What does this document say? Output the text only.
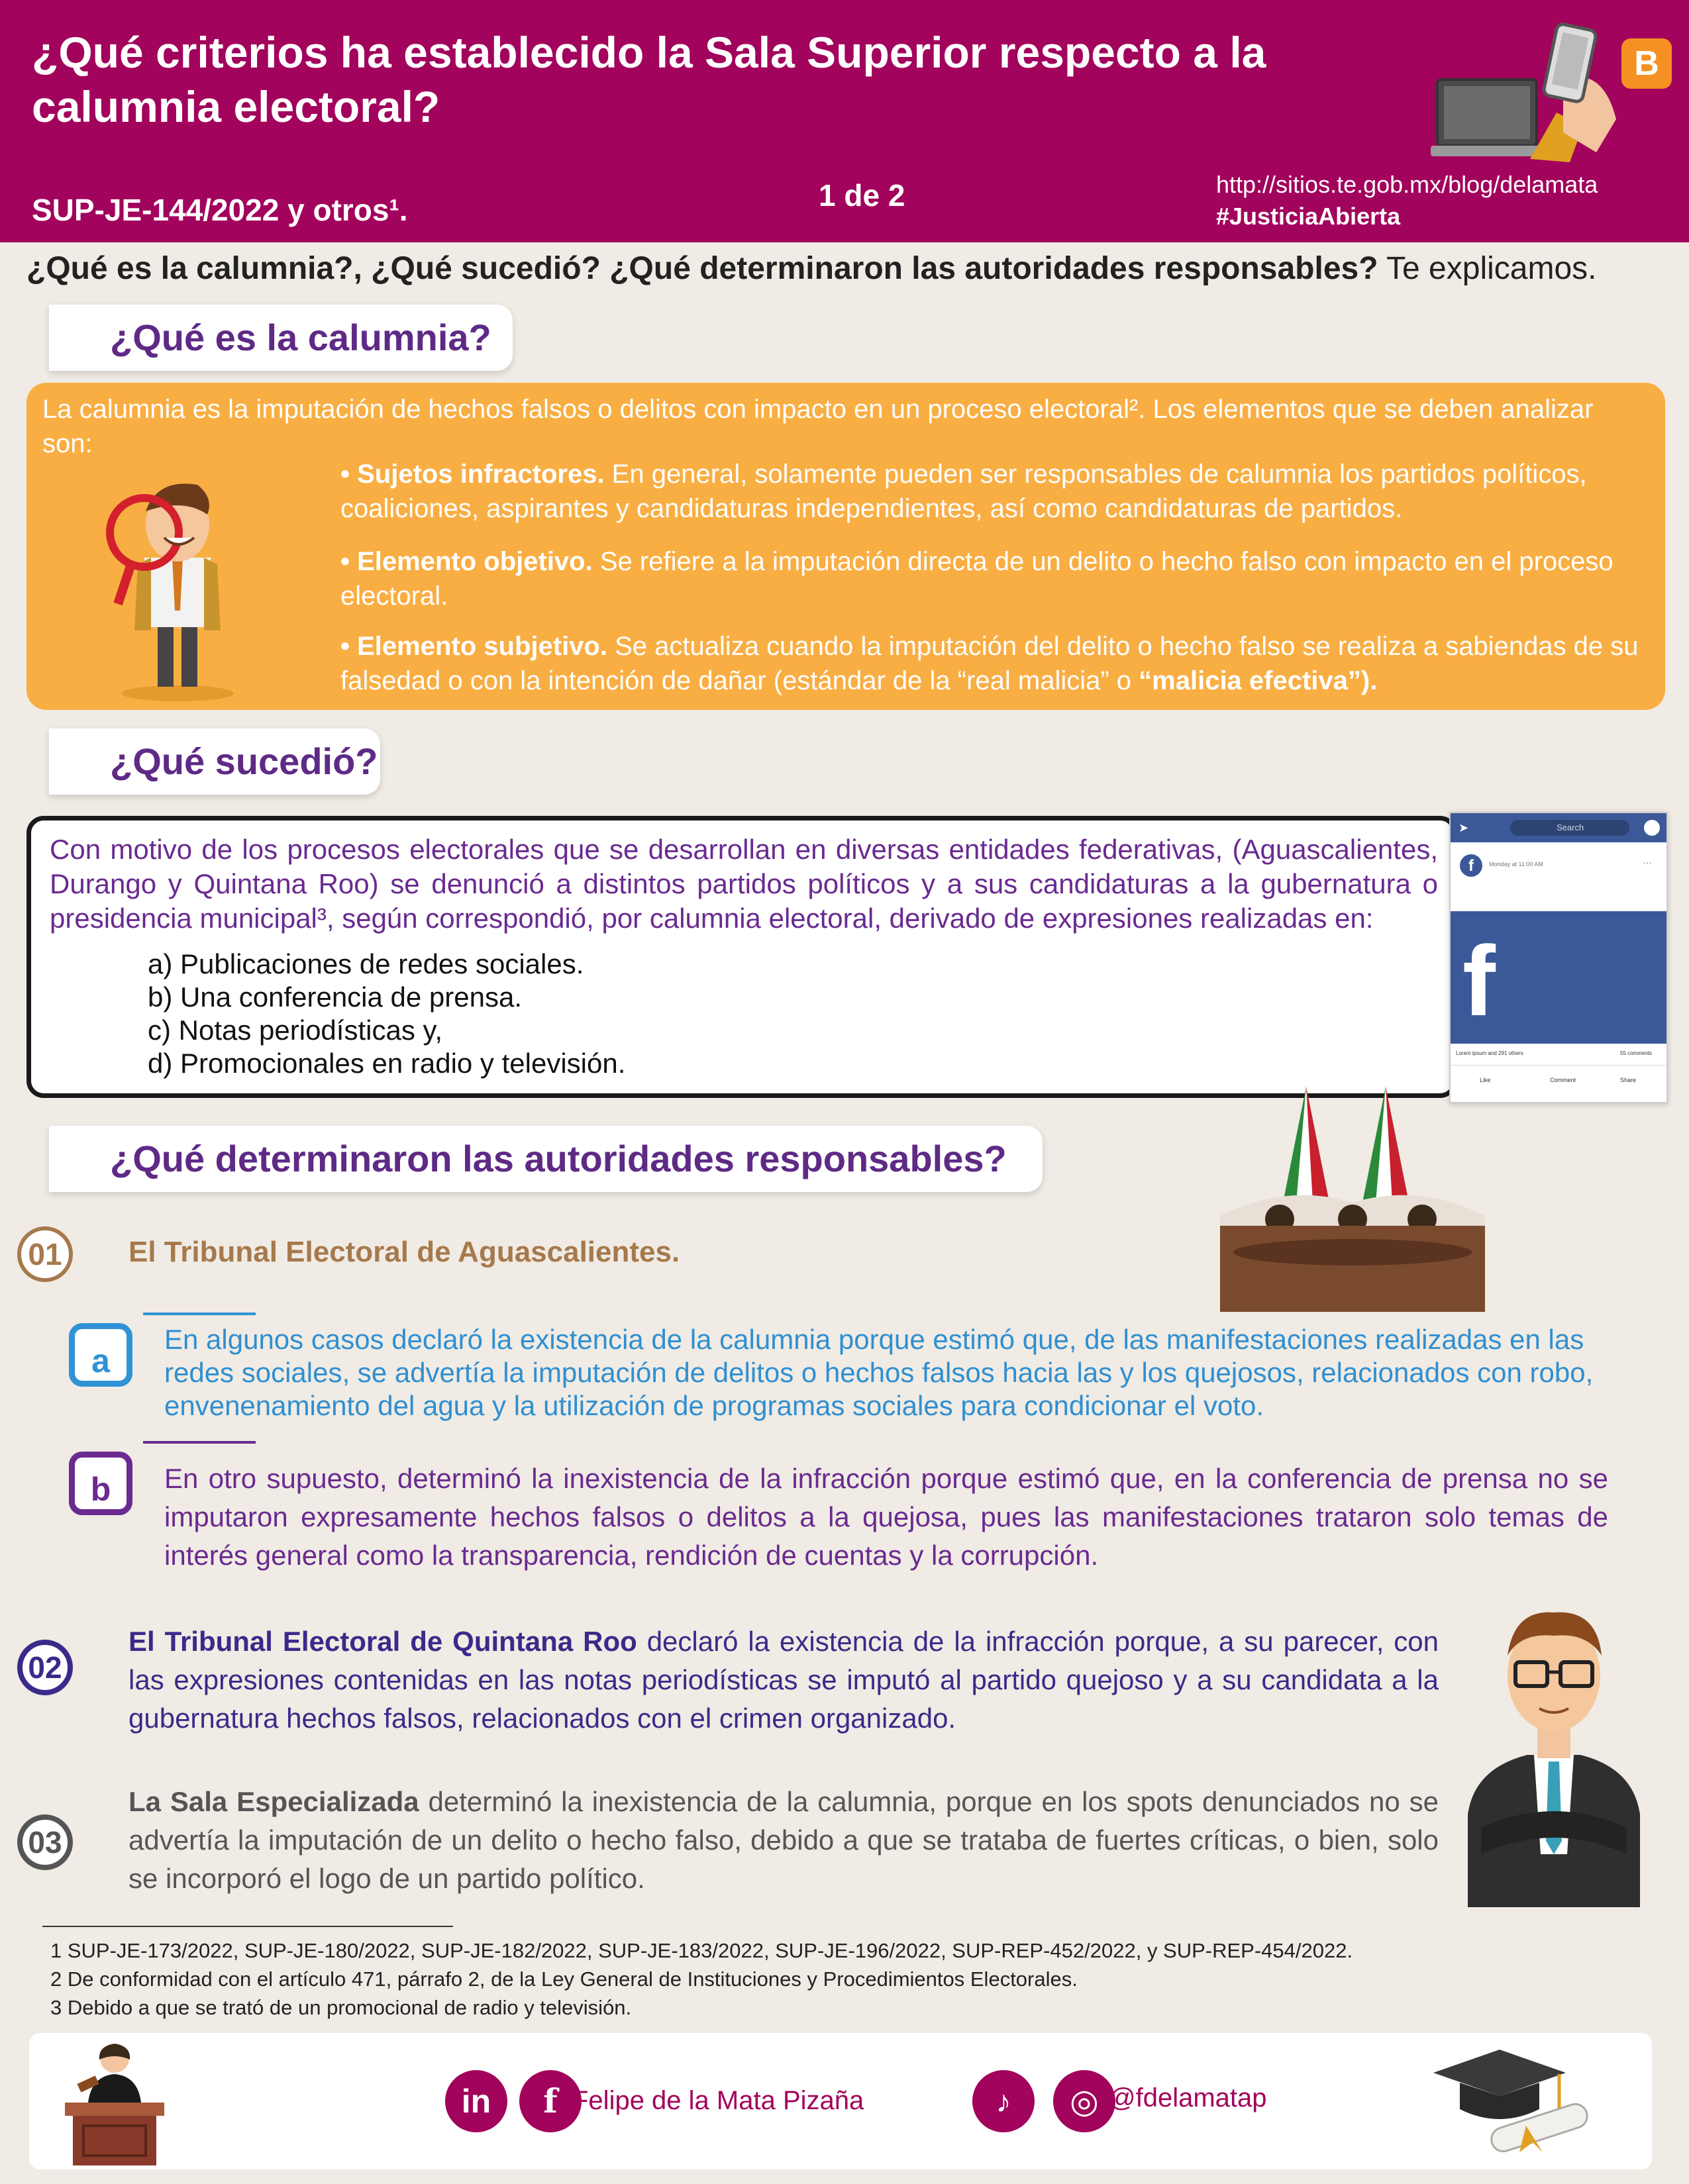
¿Qué criterios ha establecido la Sala Superior respecto a la calumnia electoral?
SUP-JE-144/2022 y otros¹.	1 de 2	http://sitios.te.gob.mx/blog/delamata
#JusticiaAbierta
B
¿Qué es la calumnia?, ¿Qué sucedió? ¿Qué determinaron las autoridades responsables? Te explicamos.
¿Qué es la calumnia?
La calumnia es la imputación de hechos falsos o delitos con impacto en un proceso electoral². Los elementos que se deben analizar son:
• Sujetos infractores. En general, solamente pueden ser responsables de calumnia los partidos políticos, coaliciones, aspirantes y candidaturas independientes, así como candidaturas de partidos.
• Elemento objetivo. Se refiere a la imputación directa de un delito o hecho falso con impacto en el proceso electoral.
• Elemento subjetivo. Se actualiza cuando la imputación del delito o hecho falso se realiza a sabiendas de su falsedad o con la intención de dañar (estándar de la “real malicia” o “malicia efectiva”).
¿Qué sucedió?
Con motivo de los procesos electorales que se desarrollan en diversas entidades federativas, (Aguascalientes, Durango y Quintana Roo) se denunció a distintos partidos políticos y a sus candidaturas a la gubernatura o presidencia municipal³, según correspondió, por calumnia electoral, derivado de expresiones realizadas en:
a) Publicaciones de redes sociales.
b) Una conferencia de prensa.
c) Notas periodísticas y,
d) Promocionales en radio y televisión.
➤	Search
f	Monday at 11:00 AM	···
f
Lorem ipsum and 291 others	55 comments
Like	Comment	Share
¿Qué determinaron las autoridades responsables?
01	El Tribunal Electoral de Aguascalientes.
a
En algunos casos declaró la existencia de la calumnia porque estimó que, de las manifestaciones realizadas en las redes sociales, se advertía la imputación de delitos o hechos falsos hacia las y los quejosos, relacionados con robo, envenenamiento del agua y la utilización de programas sociales para condicionar el voto.
b	En otro supuesto, determinó la inexistencia de la infracción porque estimó que, en la conferencia de prensa no se imputaron expresamente hechos falsos o delitos a la quejosa, pues las manifestaciones trataron solo temas de interés general como la transparencia, rendición de cuentas y la corrupción.
02
El Tribunal Electoral de Quintana Roo declaró la existencia de la infracción porque, a su parecer, con las expresiones contenidas en las notas periodísticas se imputó al partido quejoso y a su candidata a la gubernatura hechos falsos, relacionados con el crimen organizado.
03
La Sala Especializada determinó la inexistencia de la calumnia, porque en los spots denunciados no se advertía la imputación de un delito o hecho falso, debido a que se trataba de fuertes críticas, o bien, solo se incorporó el logo de un partido político.
1 SUP-JE-173/2022, SUP-JE-180/2022, SUP-JE-182/2022, SUP-JE-183/2022, SUP-JE-196/2022, SUP-REP-452/2022, y SUP-REP-454/2022.
2 De conformidad con el artículo 471, párrafo 2, de la Ley General de Instituciones y Procedimientos Electorales.
3 Debido a que se trató de un promocional de radio y televisión.
in	f Felipe de la Mata Pizaña	♪	◎ @fdelamatap
